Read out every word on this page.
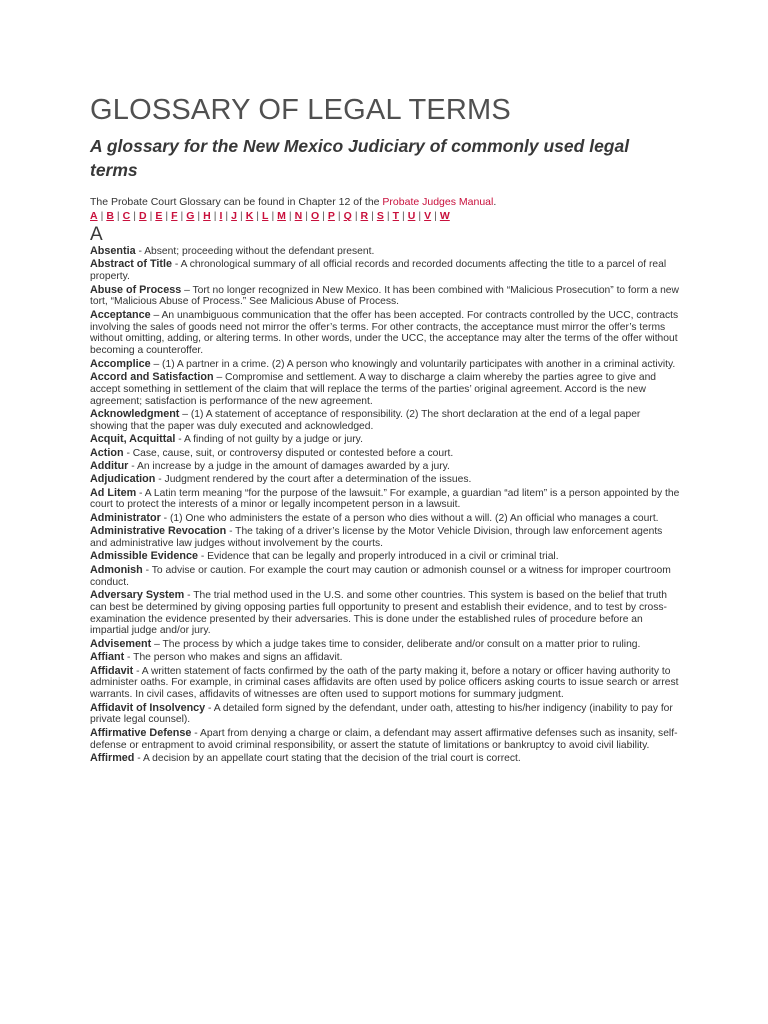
GLOSSARY OF LEGAL TERMS
A glossary for the New Mexico Judiciary of commonly used legal terms
The Probate Court Glossary can be found in Chapter 12 of the Probate Judges Manual.
A | B | C | D | E | F | G | H | I | J | K | L | M | N | O | P | Q | R | S | T | U | V | W
A
Absentia - Absent; proceeding without the defendant present.
Abstract of Title - A chronological summary of all official records and recorded documents affecting the title to a parcel of real property.
Abuse of Process – Tort no longer recognized in New Mexico. It has been combined with “Malicious Prosecution” to form a new tort, “Malicious Abuse of Process.” See Malicious Abuse of Process.
Acceptance – An unambiguous communication that the offer has been accepted. For contracts controlled by the UCC, contracts involving the sales of goods need not mirror the offer’s terms. For other contracts, the acceptance must mirror the offer’s terms without omitting, adding, or altering terms. In other words, under the UCC, the acceptance may alter the terms of the offer without becoming a counteroffer.
Accomplice – (1) A partner in a crime. (2) A person who knowingly and voluntarily participates with another in a criminal activity.
Accord and Satisfaction – Compromise and settlement. A way to discharge a claim whereby the parties agree to give and accept something in settlement of the claim that will replace the terms of the parties’ original agreement. Accord is the new agreement; satisfaction is performance of the new agreement.
Acknowledgment – (1) A statement of acceptance of responsibility. (2) The short declaration at the end of a legal paper showing that the paper was duly executed and acknowledged.
Acquit, Acquittal - A finding of not guilty by a judge or jury.
Action - Case, cause, suit, or controversy disputed or contested before a court.
Additur - An increase by a judge in the amount of damages awarded by a jury.
Adjudication - Judgment rendered by the court after a determination of the issues.
Ad Litem - A Latin term meaning “for the purpose of the lawsuit.” For example, a guardian “ad litem” is a person appointed by the court to protect the interests of a minor or legally incompetent person in a lawsuit.
Administrator - (1) One who administers the estate of a person who dies without a will. (2) An official who manages a court.
Administrative Revocation - The taking of a driver’s license by the Motor Vehicle Division, through law enforcement agents and administrative law judges without involvement by the courts.
Admissible Evidence - Evidence that can be legally and properly introduced in a civil or criminal trial.
Admonish - To advise or caution. For example the court may caution or admonish counsel or a witness for improper courtroom conduct.
Adversary System - The trial method used in the U.S. and some other countries. This system is based on the belief that truth can best be determined by giving opposing parties full opportunity to present and establish their evidence, and to test by cross-examination the evidence presented by their adversaries. This is done under the established rules of procedure before an impartial judge and/or jury.
Advisement – The process by which a judge takes time to consider, deliberate and/or consult on a matter prior to ruling.
Affiant - The person who makes and signs an affidavit.
Affidavit - A written statement of facts confirmed by the oath of the party making it, before a notary or officer having authority to administer oaths. For example, in criminal cases affidavits are often used by police officers asking courts to issue search or arrest warrants. In civil cases, affidavits of witnesses are often used to support motions for summary judgment.
Affidavit of Insolvency - A detailed form signed by the defendant, under oath, attesting to his/her indigency (inability to pay for private legal counsel).
Affirmative Defense - Apart from denying a charge or claim, a defendant may assert affirmative defenses such as insanity, self-defense or entrapment to avoid criminal responsibility, or assert the statute of limitations or bankruptcy to avoid civil liability.
Affirmed - A decision by an appellate court stating that the decision of the trial court is correct.
